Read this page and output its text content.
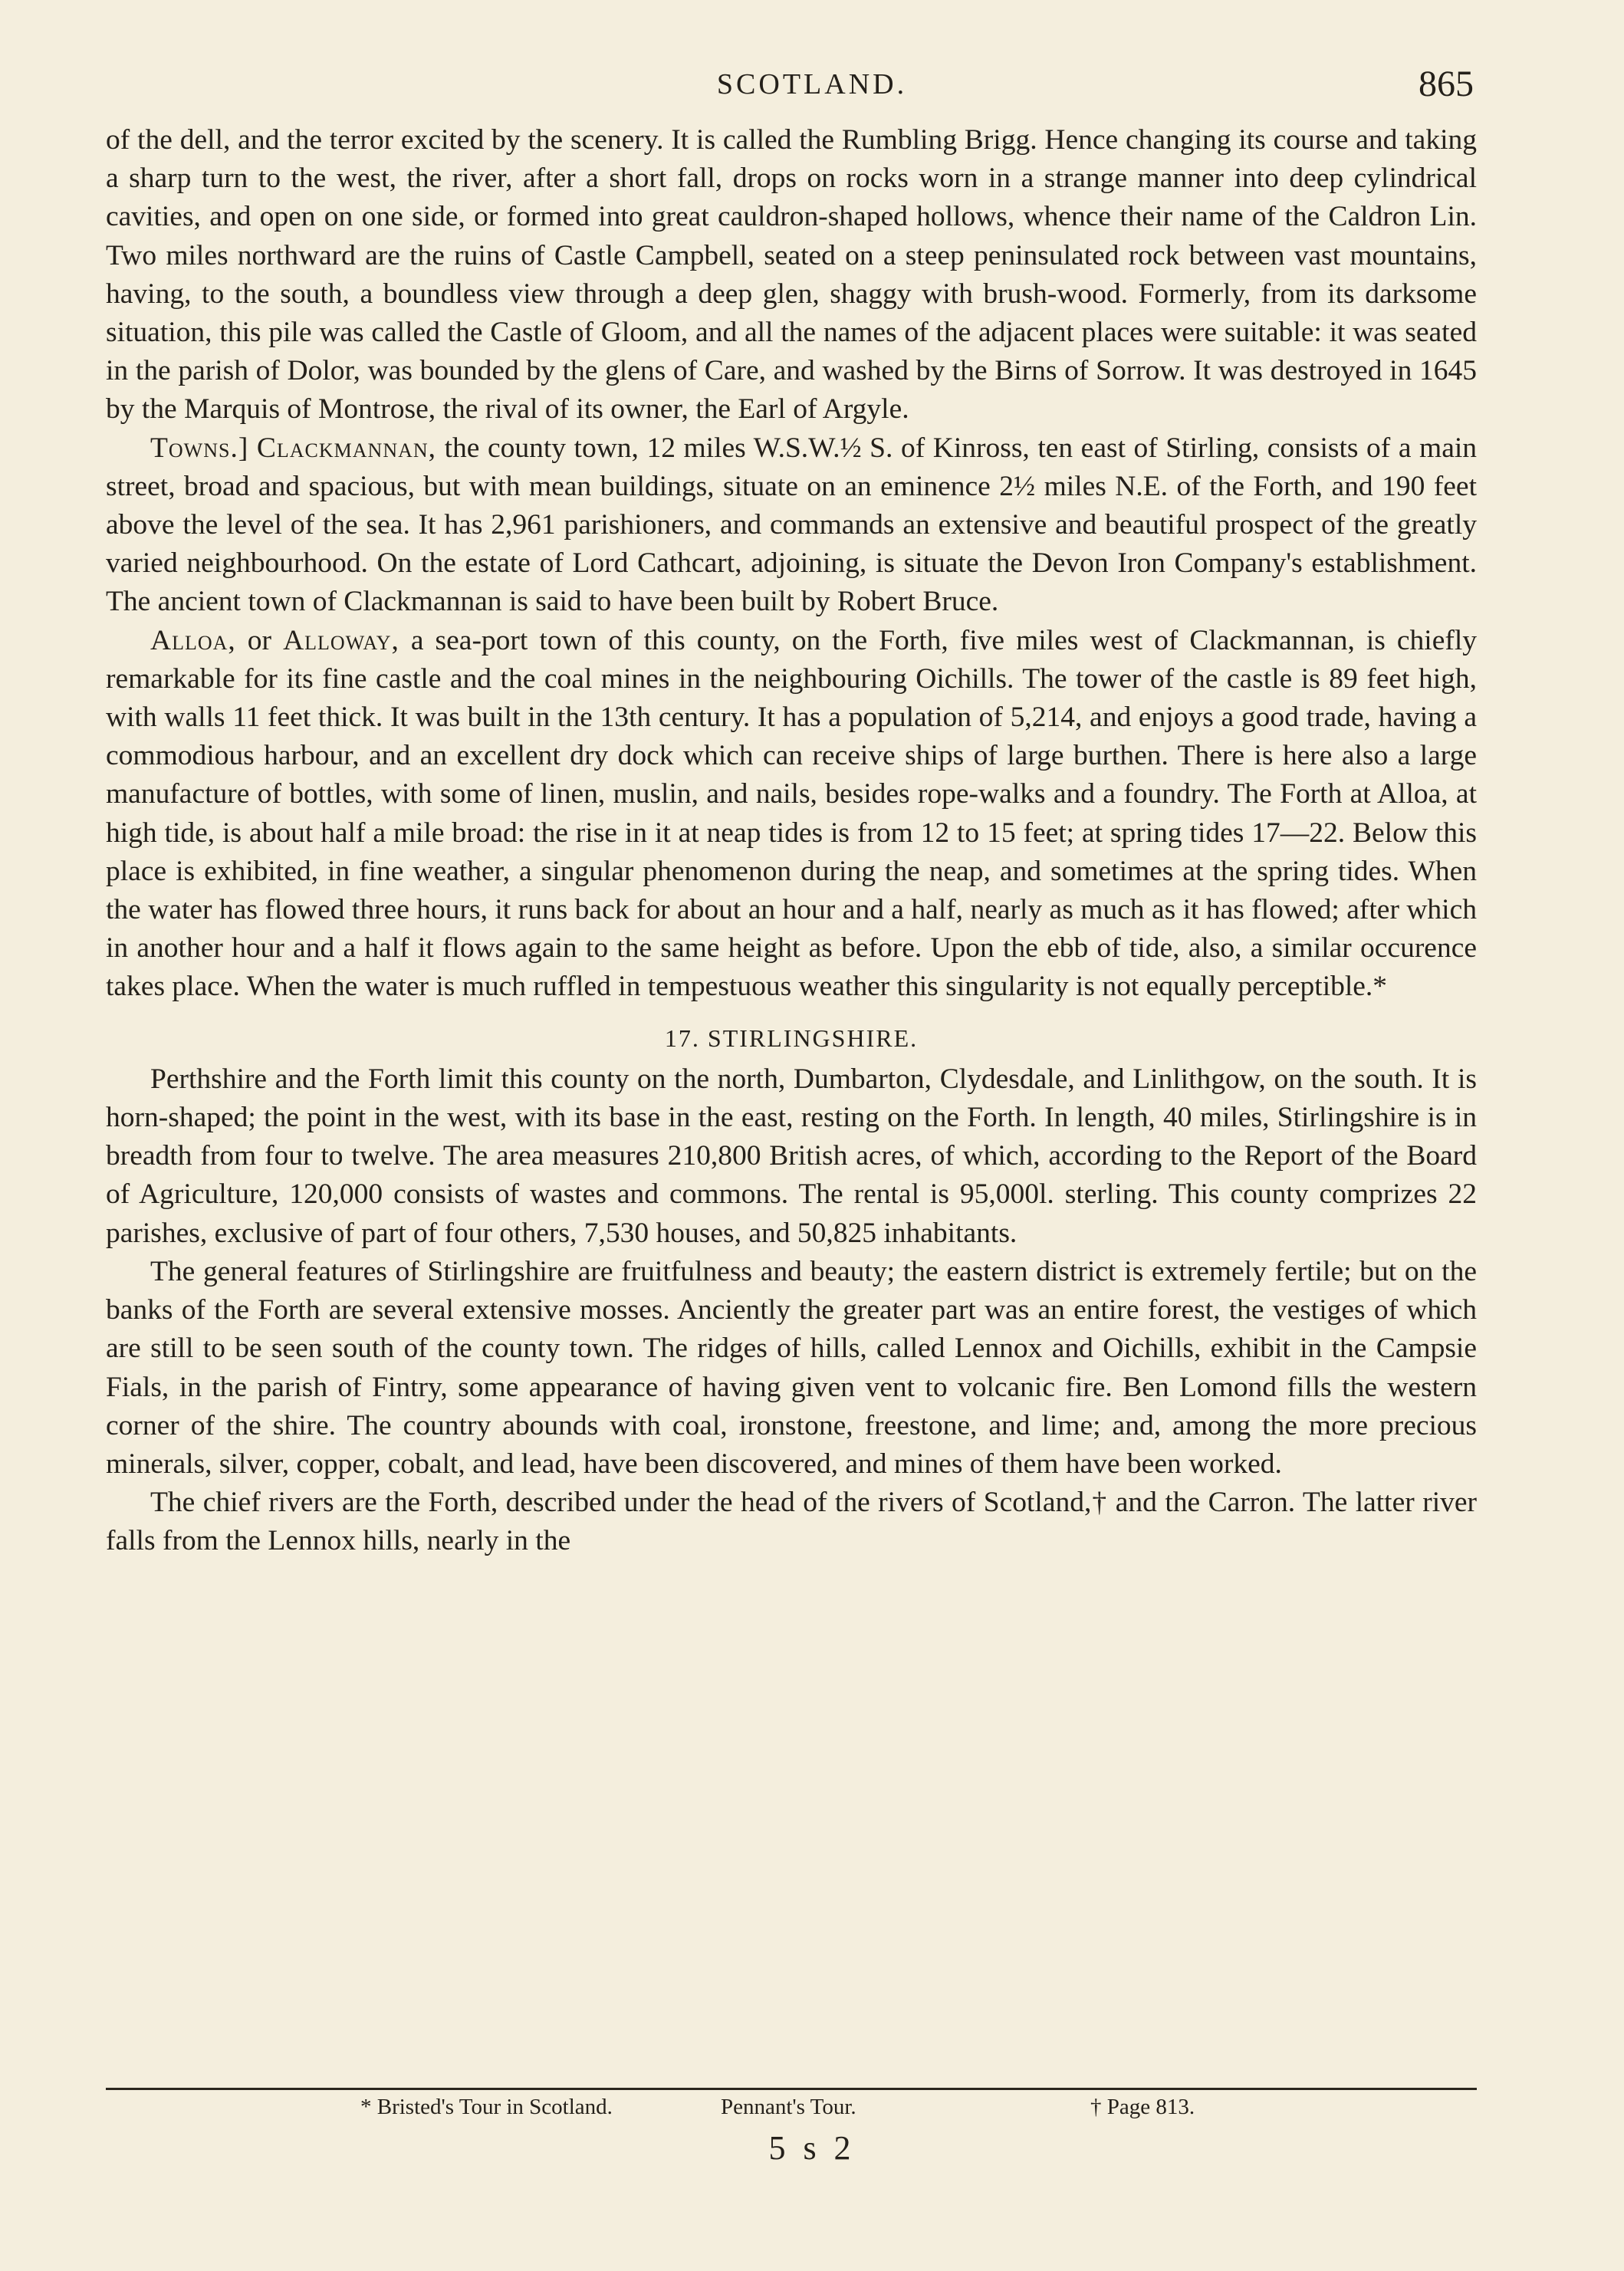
SCOTLAND.	865

of the dell, and the terror excited by the scenery. It is called the Rumbling Brigg. Hence changing its course and taking a sharp turn to the west, the river, after a short fall, drops on rocks worn in a strange manner into deep cylindrical cavities, and open on one side, or formed into great cauldron-shaped hollows, whence their name of the Caldron Lin. Two miles northward are the ruins of Castle Campbell, seated on a steep peninsulated rock between vast mountains, having, to the south, a boundless view through a deep glen, shaggy with brush-wood. Formerly, from its darksome situation, this pile was called the Castle of Gloom, and all the names of the adjacent places were suitable: it was seated in the parish of Dolor, was bounded by the glens of Care, and washed by the Birns of Sorrow. It was destroyed in 1645 by the Marquis of Montrose, the rival of its owner, the Earl of Argyle.

Towns.] Clackmannan, the county town, 12 miles W.S.W.½ S. of Kinross, ten east of Stirling, consists of a main street, broad and spacious, but with mean buildings, situate on an eminence 2½ miles N.E. of the Forth, and 190 feet above the level of the sea. It has 2,961 parishioners, and commands an extensive and beautiful prospect of the greatly varied neighbourhood. On the estate of Lord Cathcart, adjoining, is situate the Devon Iron Company's establishment. The ancient town of Clackmannan is said to have been built by Robert Bruce.

Alloa, or Alloway, a sea-port town of this county, on the Forth, five miles west of Clackmannan, is chiefly remarkable for its fine castle and the coal mines in the neighbouring Oichills. The tower of the castle is 89 feet high, with walls 11 feet thick. It was built in the 13th century. It has a population of 5,214, and enjoys a good trade, having a commodious harbour, and an excellent dry dock which can receive ships of large burthen. There is here also a large manufacture of bottles, with some of linen, muslin, and nails, besides rope-walks and a foundry. The Forth at Alloa, at high tide, is about half a mile broad: the rise in it at neap tides is from 12 to 15 feet; at spring tides 17—22. Below this place is exhibited, in fine weather, a singular phenomenon during the neap, and sometimes at the spring tides. When the water has flowed three hours, it runs back for about an hour and a half, nearly as much as it has flowed; after which in another hour and a half it flows again to the same height as before. Upon the ebb of tide, also, a similar occurence takes place. When the water is much ruffled in tempestuous weather this singularity is not equally perceptible.*

17. STIRLINGSHIRE.

Perthshire and the Forth limit this county on the north, Dumbarton, Clydesdale, and Linlithgow, on the south. It is horn-shaped; the point in the west, with its base in the east, resting on the Forth. In length, 40 miles, Stirlingshire is in breadth from four to twelve. The area measures 210,800 British acres, of which, according to the Report of the Board of Agriculture, 120,000 consists of wastes and commons. The rental is 95,000l. sterling. This county comprizes 22 parishes, exclusive of part of four others, 7,530 houses, and 50,825 inhabitants.

The general features of Stirlingshire are fruitfulness and beauty; the eastern district is extremely fertile; but on the banks of the Forth are several extensive mosses. Anciently the greater part was an entire forest, the vestiges of which are still to be seen south of the county town. The ridges of hills, called Lennox and Oichills, exhibit in the Campsie Fials, in the parish of Fintry, some appearance of having given vent to volcanic fire. Ben Lomond fills the western corner of the shire. The country abounds with coal, ironstone, freestone, and lime; and, among the more precious minerals, silver, copper, cobalt, and lead, have been discovered, and mines of them have been worked.

The chief rivers are the Forth, described under the head of the rivers of Scotland,† and the Carron. The latter river falls from the Lennox hills, nearly in the

* Bristed's Tour in Scotland.	Pennant's Tour.	† Page 813.
5 s 2
